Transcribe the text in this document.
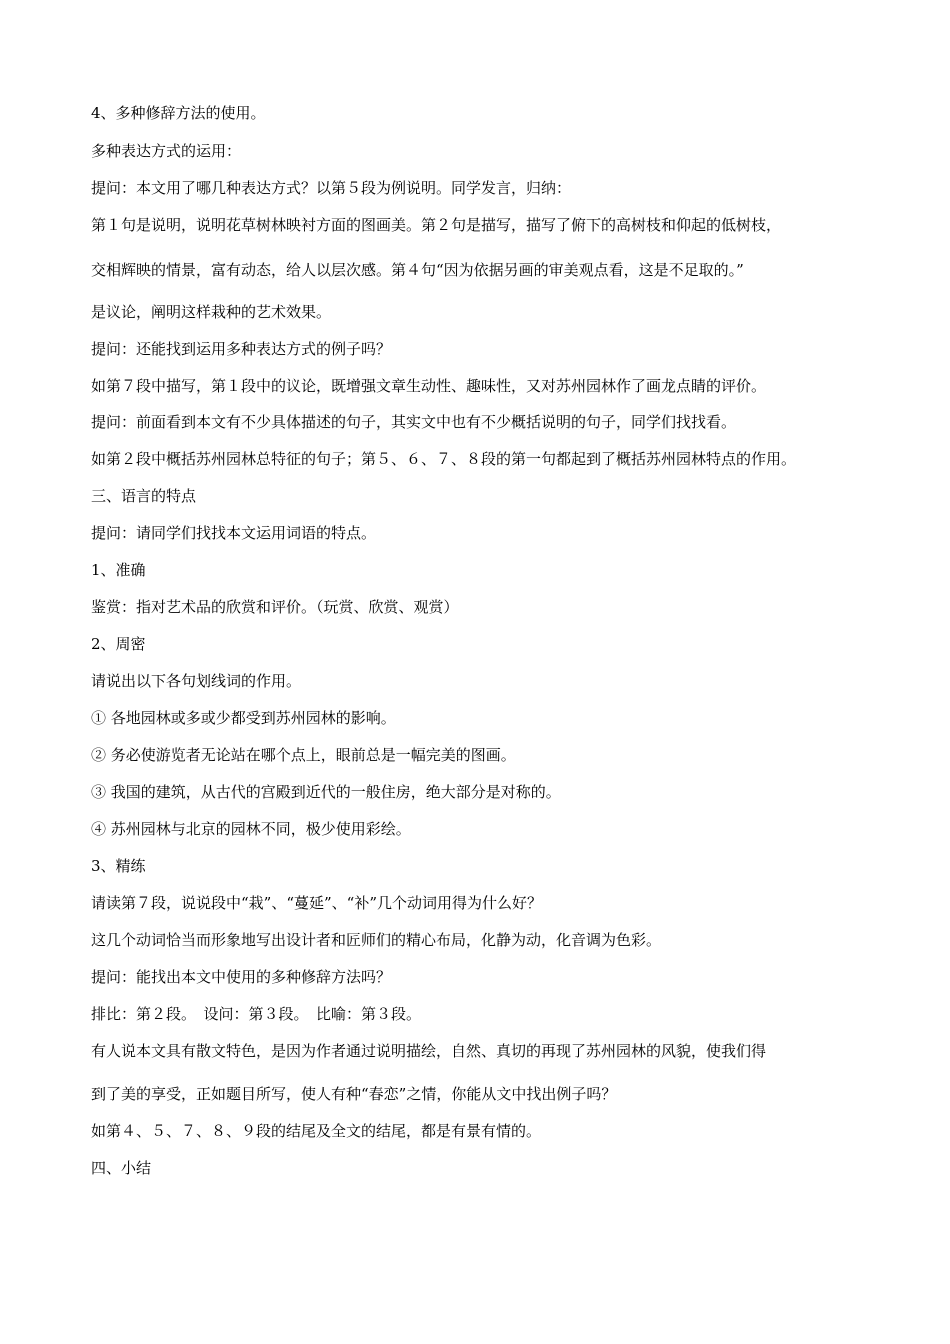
4、多种修辞方法的使用。

多种表达方式的运用：

提问：本文用了哪几种表达方式？以第５段为例说明。同学发言，归纳：

第１句是说明，说明花草树林映衬方面的图画美。第２句是描写，描写了俯下的高树枝和仰起的低树枝，

交相辉映的情景，富有动态，给人以层次感。第４句“因为依据另画的审美观点看，这是不足取的。”

是议论，阐明这样栽种的艺术效果。

提问：还能找到运用多种表达方式的例子吗？

如第７段中描写，第１段中的议论，既增强文章生动性、趣味性，又对苏州园林作了画龙点睛的评价。

提问：前面看到本文有不少具体描述的句子，其实文中也有不少概括说明的句子，同学们找找看。

如第２段中概括苏州园林总特征的句子；第５、６、７、８段的第一句都起到了概括苏州园林特点的作用。

三、语言的特点

提问：请同学们找找本文运用词语的特点。

1、准确

鉴赏：指对艺术品的欣赏和评价。（玩赏、欣赏、观赏）

2、周密

请说出以下各句划线词的作用。

① 各地园林或多或少都受到苏州园林的影响。

② 务必使游览者无论站在哪个点上，眼前总是一幅完美的图画。

③ 我国的建筑，从古代的宫殿到近代的一般住房，绝大部分是对称的。

④ 苏州园林与北京的园林不同，极少使用彩绘。

3、精练

请读第７段，说说段中“栽”、“蔓延”、“补”几个动词用得为什么好？

这几个动词恰当而形象地写出设计者和匠师们的精心布局，化静为动，化音调为色彩。

提问：能找出本文中使用的多种修辞方法吗？

排比：第２段。　设问：第３段。　比喻：第３段。

有人说本文具有散文特色，是因为作者通过说明描绘，自然、真切的再现了苏州园林的风貌，使我们得

到了美的享受，正如题目所写，使人有种“春恋”之情，你能从文中找出例子吗？

如第４、５、７、８、９段的结尾及全文的结尾，都是有景有情的。

四、小结
